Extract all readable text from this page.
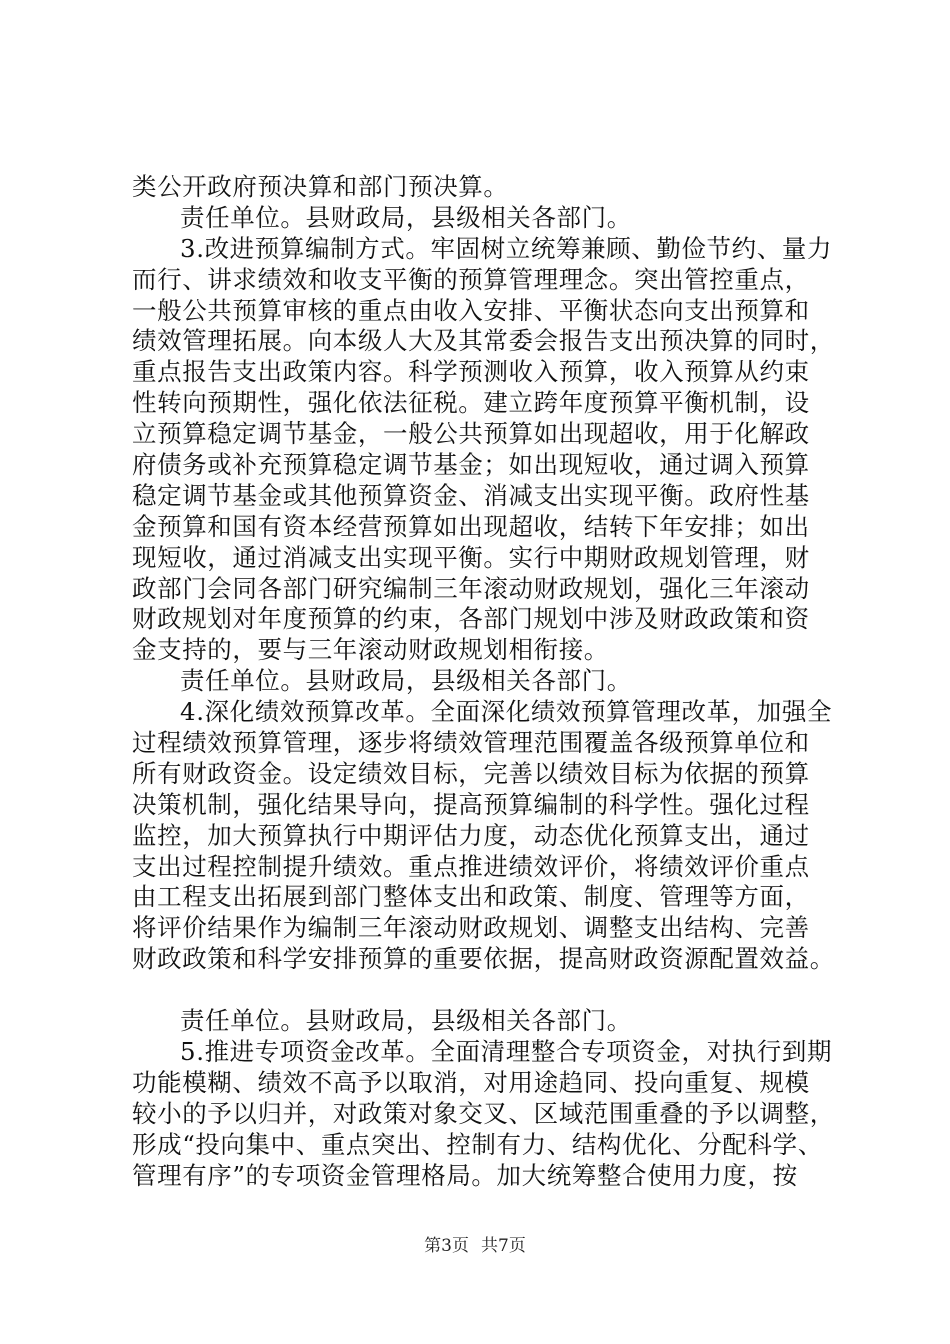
类公开政府预决算和部门预决算。
责任单位。县财政局，县级相关各部门。
3.改进预算编制方式。牢固树立统筹兼顾、勤俭节约、量力
而行、讲求绩效和收支平衡的预算管理理念。突出管控重点，
一般公共预算审核的重点由收入安排、平衡状态向支出预算和
绩效管理拓展。向本级人大及其常委会报告支出预决算的同时，
重点报告支出政策内容。科学预测收入预算，收入预算从约束
性转向预期性，强化依法征税。建立跨年度预算平衡机制，设
立预算稳定调节基金，一般公共预算如出现超收，用于化解政
府债务或补充预算稳定调节基金；如出现短收，通过调入预算
稳定调节基金或其他预算资金、消减支出实现平衡。政府性基
金预算和国有资本经营预算如出现超收，结转下年安排；如出
现短收，通过消减支出实现平衡。实行中期财政规划管理，财
政部门会同各部门研究编制三年滚动财政规划，强化三年滚动
财政规划对年度预算的约束，各部门规划中涉及财政政策和资
金支持的，要与三年滚动财政规划相衔接。
责任单位。县财政局，县级相关各部门。
4.深化绩效预算改革。全面深化绩效预算管理改革，加强全
过程绩效预算管理，逐步将绩效管理范围覆盖各级预算单位和
所有财政资金。设定绩效目标，完善以绩效目标为依据的预算
决策机制，强化结果导向，提高预算编制的科学性。强化过程
监控，加大预算执行中期评估力度，动态优化预算支出，通过
支出过程控制提升绩效。重点推进绩效评价，将绩效评价重点
由工程支出拓展到部门整体支出和政策、制度、管理等方面，
将评价结果作为编制三年滚动财政规划、调整支出结构、完善
财政政策和科学安排预算的重要依据，提高财政资源配置效益。
责任单位。县财政局，县级相关各部门。
5.推进专项资金改革。全面清理整合专项资金，对执行到期
功能模糊、绩效不高予以取消，对用途趋同、投向重复、规模
较小的予以归并，对政策对象交叉、区域范围重叠的予以调整，
形成“投向集中、重点突出、控制有力、结构优化、分配科学、
管理有序”的专项资金管理格局。加大统筹整合使用力度，按
第3页 共7页
